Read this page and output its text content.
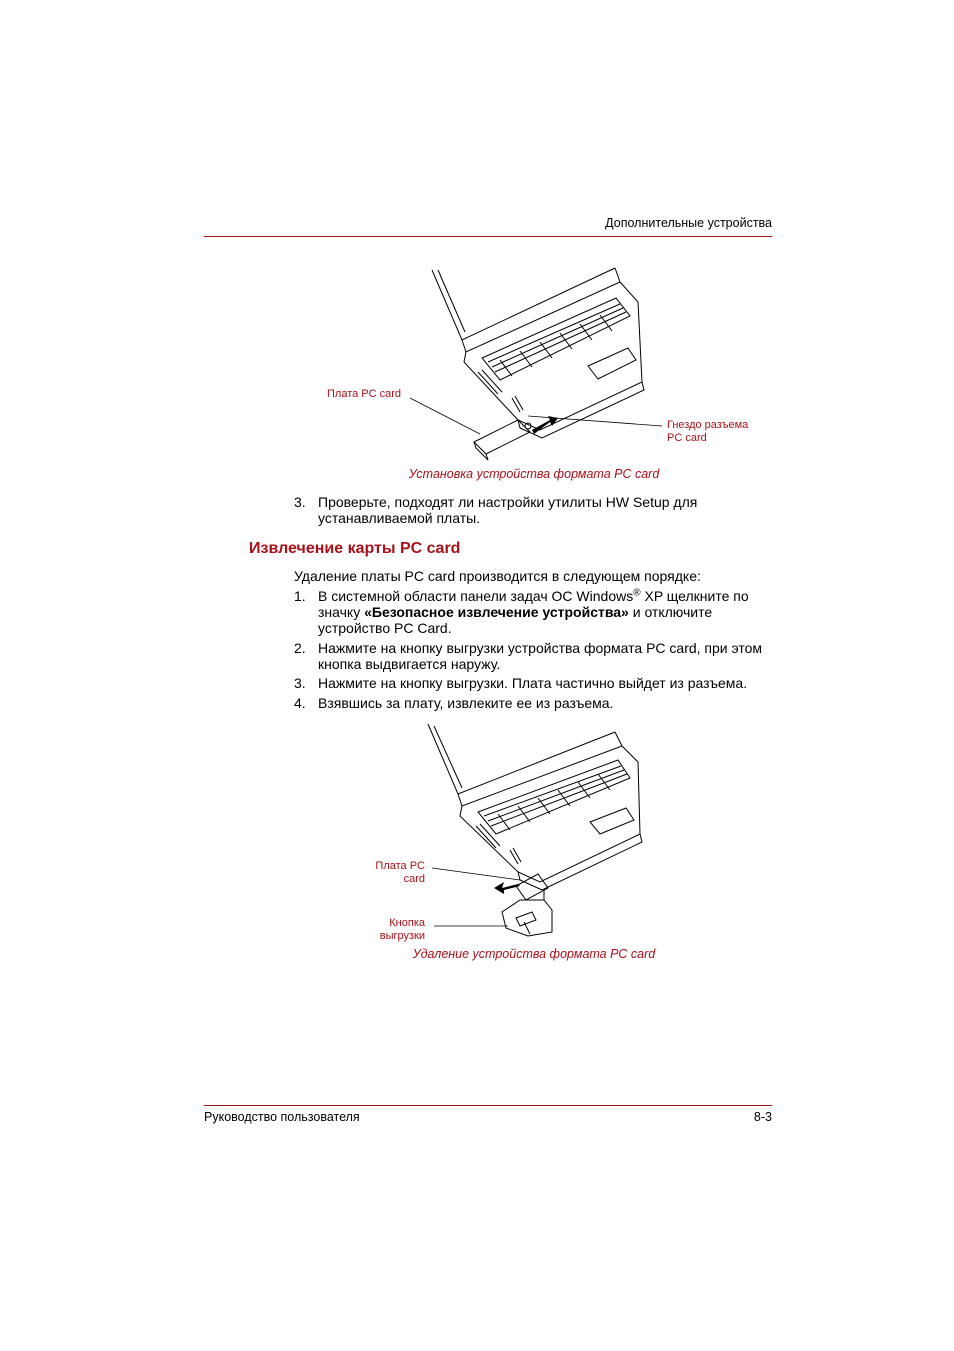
Дополнительные устройства
Плата PC card
Гнездо разъема
PC card
Установка устройства формата PC card
3. Проверьте, подходят ли настройки утилиты HW Setup для
устанавливаемой платы.
Извлечение карты PC card
Удаление платы PC card производится в следующем порядке:
1. В системной области панели задач ОС Windows® XP щелкните по
значку «Безопасное извлечение устройства» и отключите
устройство PC Card.
2. Нажмите на кнопку выгрузки устройства формата PC card, при этом
кнопка выдвигается наружу.
3. Нажмите на кнопку выгрузки. Плата частично выйдет из разъема.
4. Взявшись за плату, извлеките ее из разъема.
Плата PC
card
Кнопка
выгрузки
Удаление устройства формата PC card
Руководство пользователя	8-3
